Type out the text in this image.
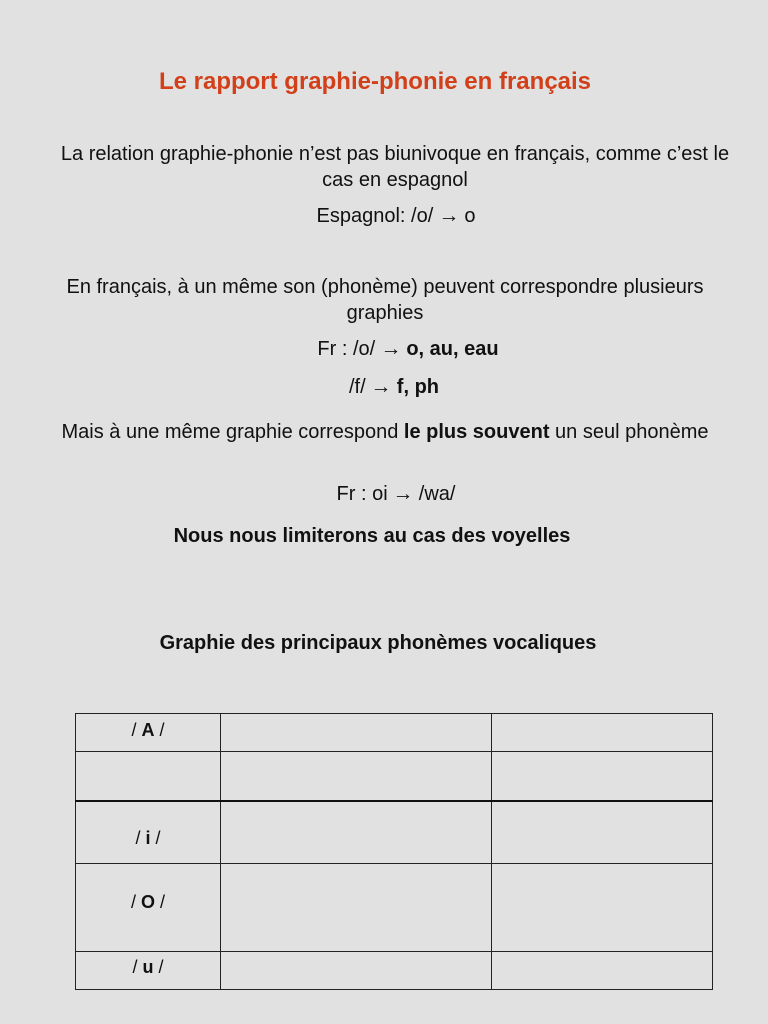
Le rapport graphie-phonie en français
La relation graphie-phonie n’est pas biunivoque en français, comme c’est le cas en espagnol
Espagnol: /o/ → o
En français, à un même son (phonème) peuvent correspondre plusieurs graphies
Fr : /o/ → o, au, eau
/f/ → f, ph
Mais à une même graphie correspond le plus souvent un seul phonème
Fr : oi → /wa/
Nous nous limiterons au cas des voyelles
Graphie des principaux phonèmes vocaliques
/ A /		

/ i /		
/ O /		
/ u /		
